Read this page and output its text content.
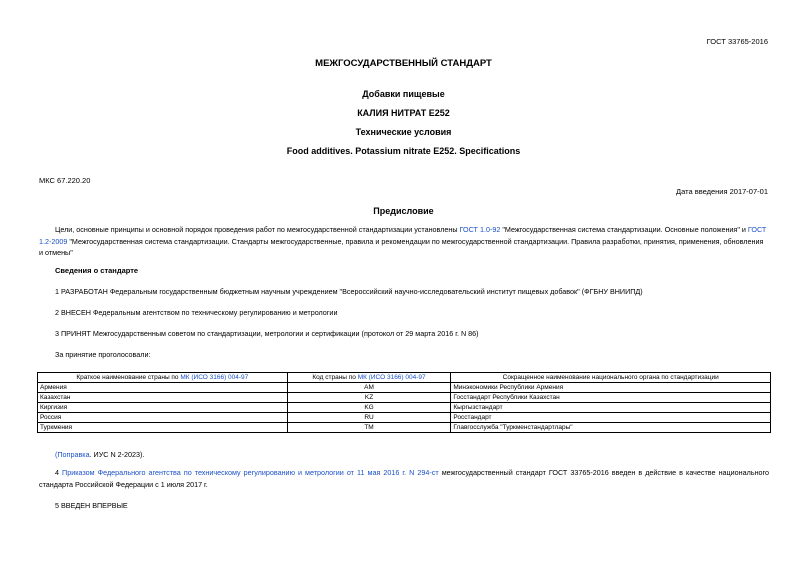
ГОСТ 33765-2016
МЕЖГОСУДАРСТВЕННЫЙ СТАНДАРТ
Добавки пищевые
КАЛИЯ НИТРАТ Е252
Технические условия
Food additives. Potassium nitrate E252. Specifications
МКС 67.220.20
Дата введения 2017-07-01
Предисловие
Цели, основные принципы и основной порядок проведения работ по межгосударственной стандартизации установлены ГОСТ 1.0-92 "Межгосударственная система стандартизации. Основные положения" и ГОСТ 1.2-2009 "Межгосударственная система стандартизации. Стандарты межгосударственные, правила и рекомендации по межгосударственной стандартизации. Правила разработки, принятия, применения, обновления и отмены"
Сведения о стандарте
1 РАЗРАБОТАН Федеральным государственным бюджетным научным учреждением "Всероссийский научно-исследовательский институт пищевых добавок" (ФГБНУ ВНИИПД)
2 ВНЕСЕН Федеральным агентством по техническому регулированию и метрологии
3 ПРИНЯТ Межгосударственным советом по стандартизации, метрологии и сертификации (протокол от 29 марта 2016 г. N 86)
За принятие проголосовали:
Краткое наименование страны по МК (ИСО 3166) 004-97	Код страны по МК (ИСО 3166) 004-97	Сокращенное наименование национального органа по стандартизации
Армения	AM	Минэкономики Республики Армения
Казахстан	KZ	Госстандарт Республики Казахстан
Киргизия	KG	Кыргызстандарт
Россия	RU	Росстандарт
Туркмения	TM	Главгосслужба "Туркменстандартлары"
(Поправка. ИУС N 2-2023).
4 Приказом Федерального агентства по техническому регулированию и метрологии от 11 мая 2016 г. N 294-ст межгосударственный стандарт ГОСТ 33765-2016 введен в действие в качестве национального стандарта Российской Федерации с 1 июля 2017 г.
5 ВВЕДЕН ВПЕРВЫЕ
